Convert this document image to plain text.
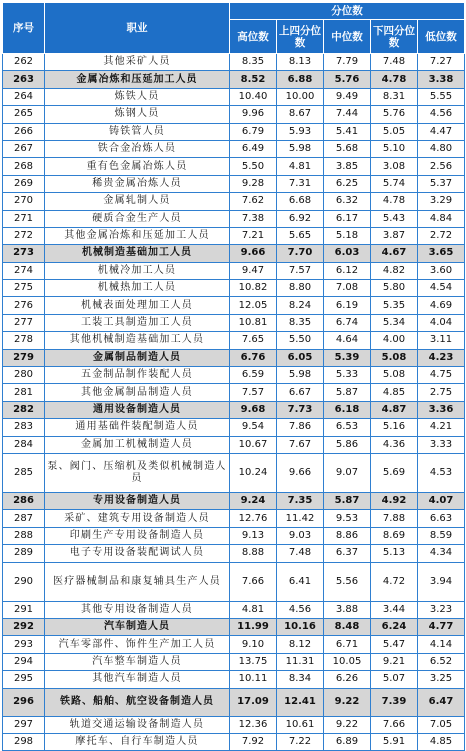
序号	职业	分位数				
		高位数	上四分位数	中位数	下四分位数	低位数
262	其他采矿人员	8.35	8.13	7.79	7.48	7.27
263	金属冶炼和压延加工人员	8.52	6.88	5.76	4.78	3.38
264	炼铁人员	10.40	10.00	9.49	8.31	5.55
265	炼钢人员	9.96	8.67	7.44	5.76	4.56
266	铸铁管人员	6.79	5.93	5.41	5.05	4.47
267	铁合金冶炼人员	6.49	5.98	5.68	5.10	4.80
268	重有色金属冶炼人员	5.50	4.81	3.85	3.08	2.56
269	稀贵金属冶炼人员	9.28	7.31	6.25	5.74	5.37
270	金属轧制人员	7.62	6.68	6.32	4.78	3.29
271	硬质合金生产人员	7.38	6.92	6.17	5.43	4.84
272	其他金属冶炼和压延加工人员	7.21	5.65	5.18	3.87	2.72
273	机械制造基础加工人员	9.66	7.70	6.03	4.67	3.65
274	机械冷加工人员	9.47	7.57	6.12	4.82	3.60
275	机械热加工人员	10.82	8.80	7.08	5.80	4.54
276	机械表面处理加工人员	12.05	8.24	6.19	5.35	4.69
277	工装工具制造加工人员	10.81	8.35	6.74	5.34	4.04
278	其他机械制造基础加工人员	7.65	5.50	4.64	4.00	3.11
279	金属制品制造人员	6.76	6.05	5.39	5.08	4.23
280	五金制品制作装配人员	6.59	5.98	5.33	5.08	4.75
281	其他金属制品制造人员	7.57	6.67	5.87	4.85	2.75
282	通用设备制造人员	9.68	7.73	6.18	4.87	3.36
283	通用基础件装配制造人员	9.54	7.86	6.53	5.16	4.21
284	金属加工机械制造人员	10.67	7.67	5.86	4.36	3.33
285	泵、阀门、压缩机及类似机械制造人员	10.24	9.66	9.07	5.69	4.53
286	专用设备制造人员	9.24	7.35	5.87	4.92	4.07
287	采矿、建筑专用设备制造人员	12.76	11.42	9.53	7.88	6.63
288	印刷生产专用设备制造人员	9.13	9.03	8.86	8.69	8.59
289	电子专用设备装配调试人员	8.88	7.48	6.37	5.13	4.34
290	医疗器械制品和康复辅具生产人员	7.66	6.41	5.56	4.72	3.94
291	其他专用设备制造人员	4.81	4.56	3.88	3.44	3.23
292	汽车制造人员	11.99	10.16	8.48	6.24	4.77
293	汽车零部件、饰件生产加工人员	9.10	8.12	6.71	5.47	4.14
294	汽车整车制造人员	13.75	11.31	10.05	9.21	6.52
295	其他汽车制造人员	10.11	8.34	6.26	5.07	3.25
296	铁路、船舶、航空设备制造人员	17.09	12.41	9.22	7.39	6.47
297	轨道交通运输设备制造人员	12.36	10.61	9.22	7.66	7.05
298	摩托车、自行车制造人员	7.92	7.22	6.89	5.91	4.85
